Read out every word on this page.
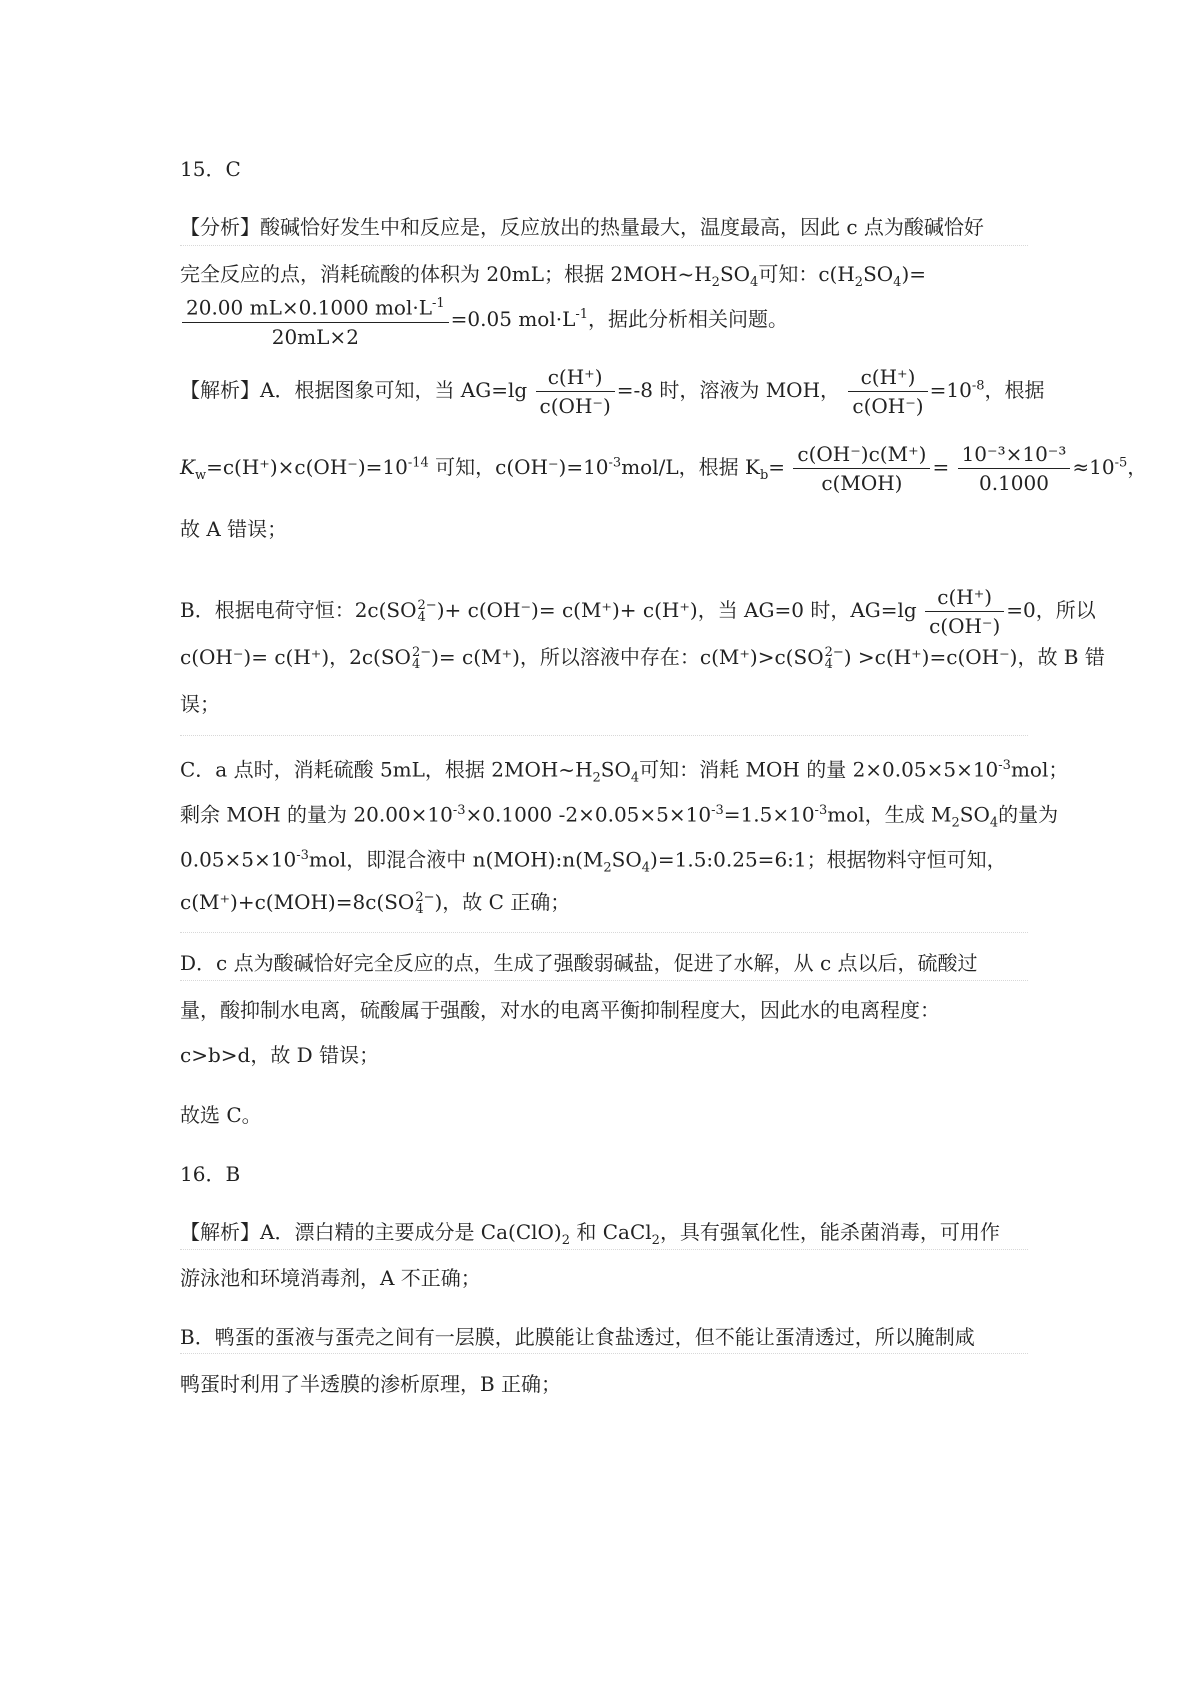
15．C
【分析】酸碱恰好发生中和反应是，反应放出的热量最大，温度最高，因此 c 点为酸碱恰好
完全反应的点，消耗硫酸的体积为 20mL；根据 $2MOH\sim H_2SO_4$可知：$c(H_2SO_4)=$
$\frac{20.00 mL\times 0.1000 mol\cdot L^{-1}}{20mL\times 2} =0.05$ $mol\cdot L^{-1}$，据此分析相关问题。
【解析】A．根据图象可知，当 $AG=\lg \frac{c(H^+)}{c(OH^-)} =-8$ 时，溶液为 MOH， $\frac{c(H^+)}{c(OH^-)} =10^{-8}$，根据
$K_w=c(H^+)\times c(OH^-)=10^{-14}$ 可知，$c(OH^-)=10^{-3}mol/L$，根据 $K_b= \frac{c(OH^-)c(M^+)}{\text{c(MOH)}} = \frac{\text{10⁻³×10⁻³}}{0.1000} \approx 10^{-5}$，
故 A 错误；
B．根据电荷守恒：2c(SO 2−
4 )+ c(OH⁻)= c(M⁺)+ c(H⁺)，当 AG=0 时，$AG=\lg \frac{c(H^+)}{c(OH^-)} =0$，所以
c(OH⁻)= c(H⁺)，2c(SO 2−
4 )= c(M⁺)，所以溶液中存在：c(M⁺)>c(SO 2−
4 ) >c(H⁺)=c(OH⁻)，故 B 错
误；
C．a 点时，消耗硫酸 5mL，根据 $2MOH\sim H_2SO_4$可知：消耗 MOH 的量 $2\times 0.05\times 5\times 10^{-3}mol$；
剩余 MOH 的量为 $20.00\times 10^{-3}\times 0.1000$ $-2\times 0.05\times 5\times 10^{-3}=1.5\times 10^{-3}mol$，生成 $M_2SO_4$的量为
$0.05\times 5\times 10^{-3}mol$，即混合液中 $n(MOH):n(M_2SO_4)=1.5:0.25=6:1$；根据物料守恒可知，
c(M⁺)+c(MOH)=8c(SO 2−
4 )，故 C 正确；
D．c 点为酸碱恰好完全反应的点，生成了强酸弱碱盐，促进了水解，从 c 点以后，硫酸过
量，酸抑制水电离，硫酸属于强酸，对水的电离平衡抑制程度大，因此水的电离程度：
c>b>d，故 D 错误；
故选 C。
16．B
【解析】A．漂白精的主要成分是 $Ca(ClO)_2$ 和 CaCl$_2$，具有强氧化性，能杀菌消毒，可用作
游泳池和环境消毒剂，A 不正确；
B．鸭蛋的蛋液与蛋壳之间有一层膜，此膜能让食盐透过，但不能让蛋清透过，所以腌制咸
鸭蛋时利用了半透膜的渗析原理，B 正确；
